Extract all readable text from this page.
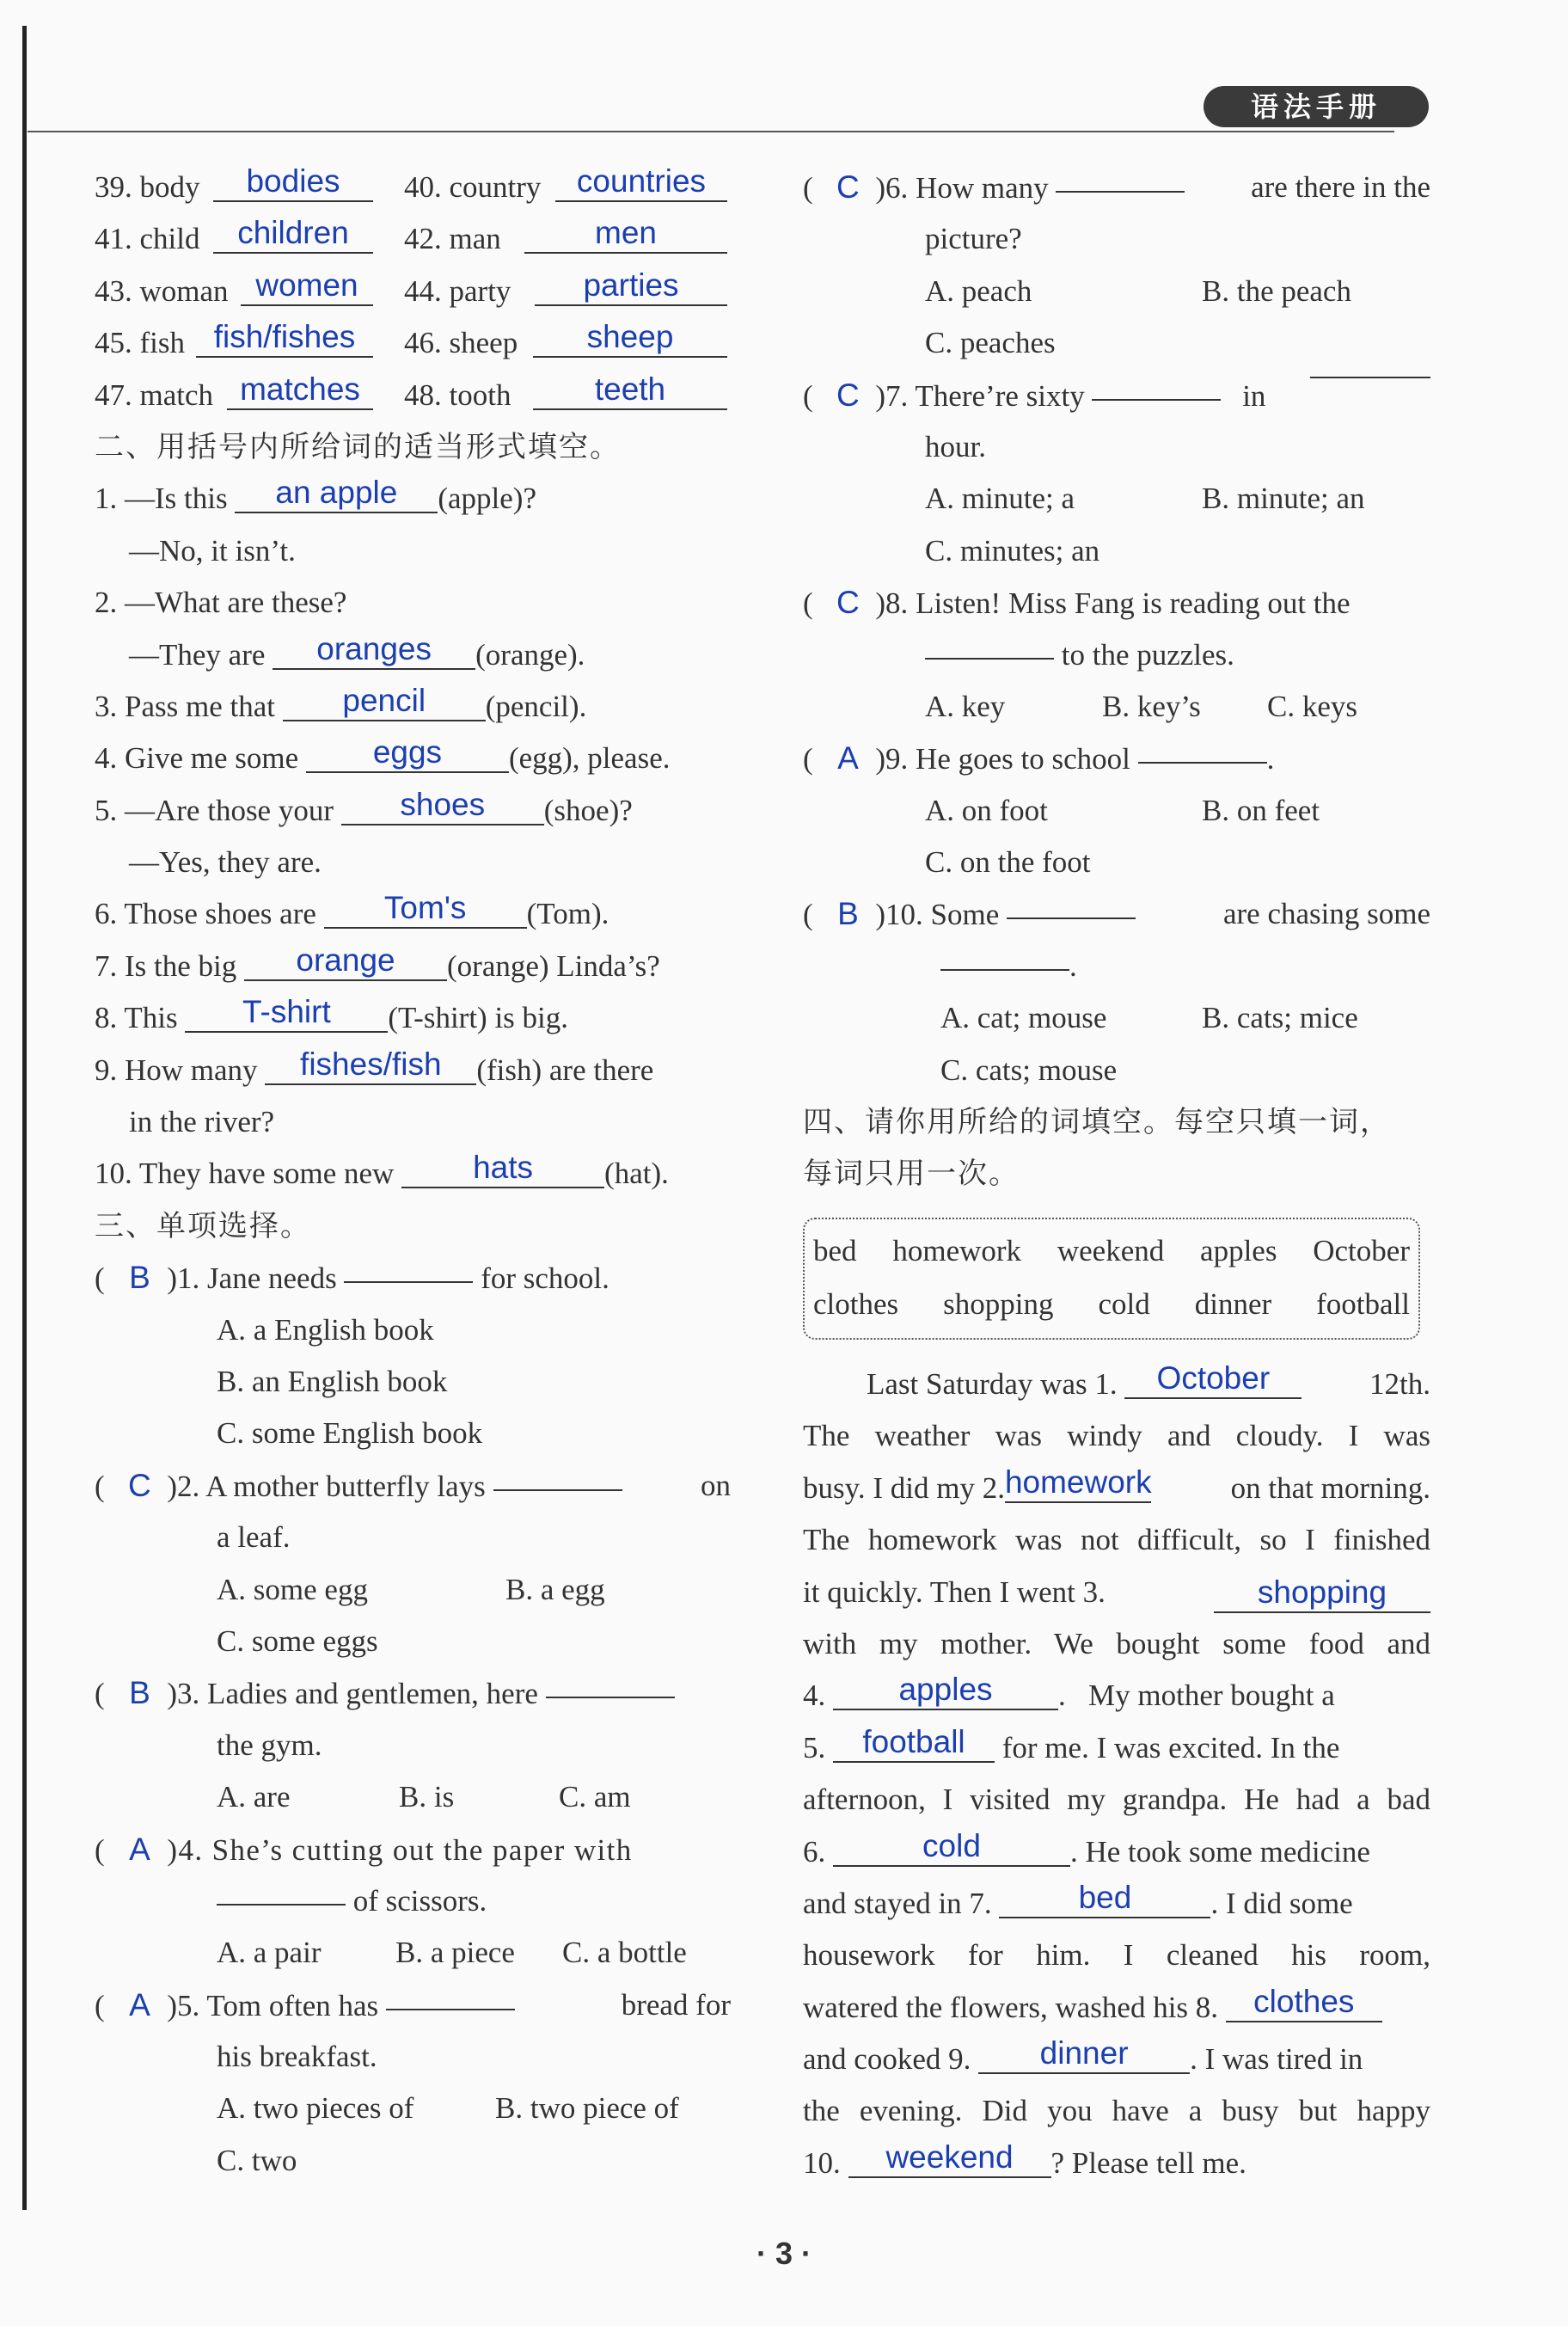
语法手册
39. body	bodies	40. country	countries
41. child	children	42. man	men
43. woman women	44. party	parties
45. fish fish/fishes	46. sheep	sheep
47. match matches	48. tooth	teeth
二、用括号内所给词的适当形式填空。
1. —Is this an apple (apple)?
—No, it isn’t.
2. —What are these?
—They are oranges (orange).
3. Pass me that pencil (pencil).
4. Give me some eggs (egg), please.
5. —Are those your shoes (shoe)?
—Yes, they are.
6. Those shoes are Tom's (Tom).
7. Is the big orange (orange) Linda’s?
8. This T-shirt (T-shirt) is big.
9. How many fishes/fish (fish) are there
in the river?
10. They have some new hats (hat).
三、单项选择。
( B )1. Jane needs	for school.
A. a English book
B. an English book
C. some English book
( C )2. A mother butterfly lays	on
a leaf.
A. some egg	B. a egg
C. some eggs
( B )3. Ladies and gentlemen, here
the gym.
A. are	B. is	C. am
( A )4. She’s cutting out the paper with
of scissors.
A. a pair B. a piece C. a bottle
( A )5. Tom often has	bread for
his breakfast.
A. two pieces of	B. two piece of
C. two
( C )6. How many	are there in the
picture?
A. peach	B. the peach
C. peaches
( C )7. There’re sixty	in
hour.
A. minute; a	B. minute; an
C. minutes; an
( C )8. Listen! Miss Fang is reading out the
to the puzzles.
A. key	B. key’s C. keys
( A )9. He goes to school	.
A. on foot	B. on feet
C. on the foot
( B )10. Some	are chasing some
.
A. cat; mouse	B. cats; mice
C. cats; mouse
四、请你用所给的词填空。每空只填一词，
每词只用一次。
bed homework weekend apples October
clothes shopping cold dinner football
Last Saturday was 1. October	12th.
The weather was windy and cloudy. I was
busy. I did my 2.homework	on that morning.
The homework was not difficult, so I finished
it quickly. Then I went 3.	shopping
with my mother. We bought some food and
4. apples .   My mother bought a
5. football for me. I was excited. In the
afternoon, I visited my grandpa. He had a bad
6.	cold	. He took some medicine
and stayed in 7.	bed	. I did some
housework for him. I cleaned his room,
watered the flowers, washed his 8. clothes
and cooked 9. dinner . I was tired in
the evening. Did you have a busy but happy
10. weekend ? Please tell me.
· 3 ·
